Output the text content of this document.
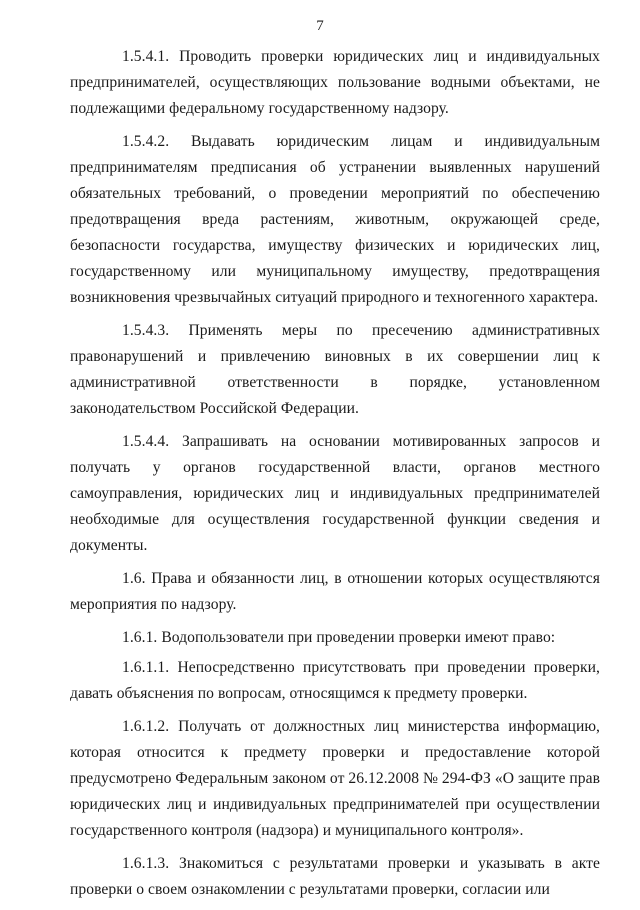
7

1.5.4.1. Проводить проверки юридических лиц и индивидуальных предпринимателей, осуществляющих пользование водными объектами, не подлежащими федеральному государственному надзору.

1.5.4.2. Выдавать юридическим лицам и индивидуальным предпринимателям предписания об устранении выявленных нарушений обязательных требований, о проведении мероприятий по обеспечению предотвращения вреда растениям, животным, окружающей среде, безопасности государства, имуществу физических и юридических лиц, государственному или муниципальному имуществу, предотвращения возникновения чрезвычайных ситуаций природного и техногенного характера.

1.5.4.3. Применять меры по пресечению административных правонарушений и привлечению виновных в их совершении лиц к административной ответственности в порядке, установленном законодательством Российской Федерации.

1.5.4.4. Запрашивать на основании мотивированных запросов и получать у органов государственной власти, органов местного самоуправления, юридических лиц и индивидуальных предпринимателей необходимые для осуществления государственной функции сведения и документы.

1.6. Права и обязанности лиц, в отношении которых осуществляются мероприятия по надзору.

1.6.1. Водопользователи при проведении проверки имеют право:

1.6.1.1. Непосредственно присутствовать при проведении проверки, давать объяснения по вопросам, относящимся к предмету проверки.

1.6.1.2. Получать от должностных лиц министерства информацию, которая относится к предмету проверки и предоставление которой предусмотрено Федеральным законом от 26.12.2008 № 294-ФЗ «О защите прав юридических лиц и индивидуальных предпринимателей при осуществлении государственного контроля (надзора) и муниципального контроля».

1.6.1.3. Знакомиться с результатами проверки и указывать в акте проверки о своем ознакомлении с результатами проверки, согласии или
